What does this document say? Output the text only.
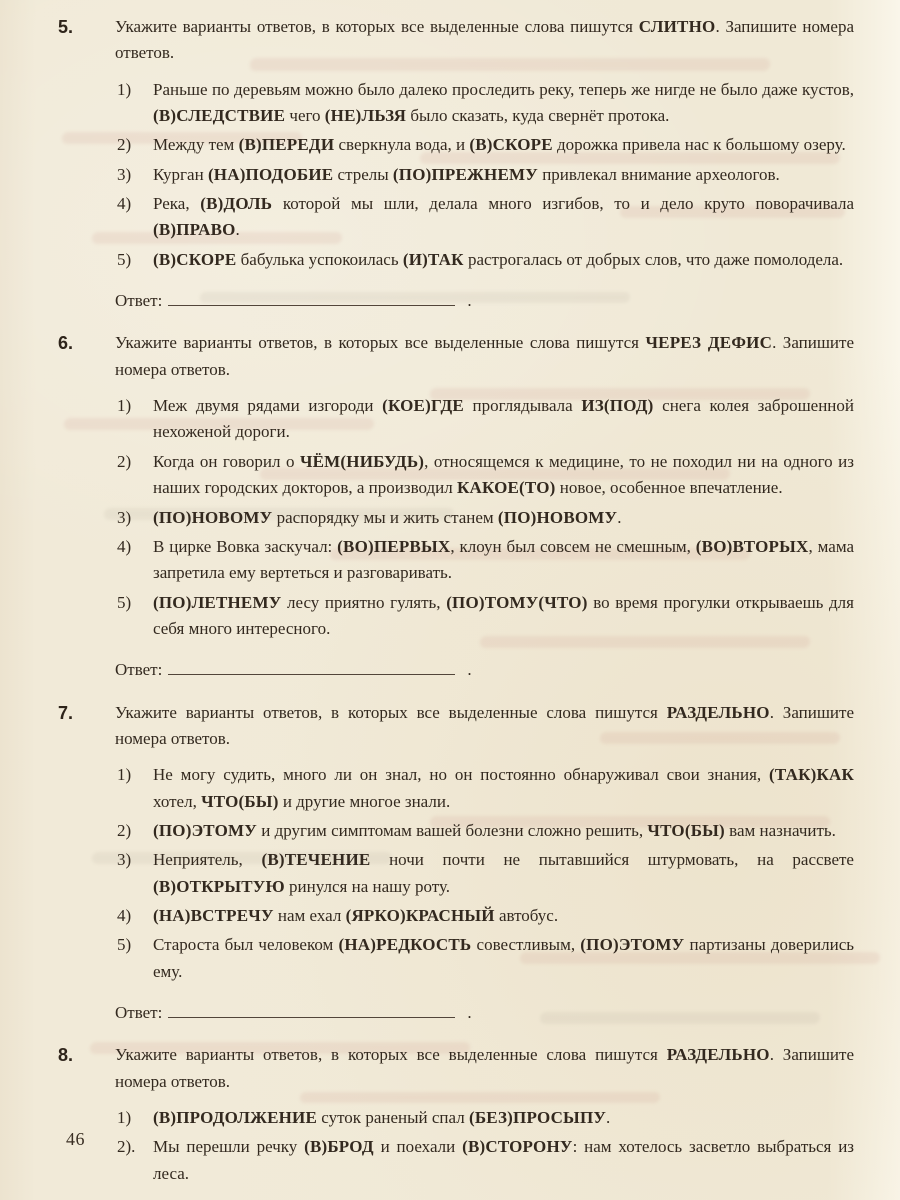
5.	Укажите варианты ответов, в которых все выделенные слова пишутся СЛИТНО. Запишите номера ответов.

1)	Раньше по деревьям можно было далеко проследить реку, теперь же нигде не было даже кустов, (В)СЛЕДСТВИЕ чего (НЕ)ЛЬЗЯ было сказать, куда свернёт протока.
2)	Между тем (В)ПЕРЕДИ сверкнула вода, и (В)СКОРЕ дорожка привела нас к большому озеру.
3)	Курган (НА)ПОДОБИЕ стрелы (ПО)ПРЕЖНЕМУ привлекал внимание археологов.
4)	Река, (В)ДОЛЬ которой мы шли, делала много изгибов, то и дело круто поворачивала (В)ПРАВО.
5)	(В)СКОРЕ бабулька успокоилась (И)ТАК растрогалась от добрых слов, что даже помолодела.
Ответ:	.
6.	Укажите варианты ответов, в которых все выделенные слова пишутся ЧЕРЕЗ ДЕФИС. Запишите номера ответов.

1)	Меж двумя рядами изгороди (КОЕ)ГДЕ проглядывала ИЗ(ПОД) снега колея заброшенной нехоженой дороги.
2)	Когда он говорил о ЧЁМ(НИБУДЬ), относящемся к медицине, то не походил ни на одного из наших городских докторов, а производил КАКОЕ(ТО) новое, особенное впечатление.
3)	(ПО)НОВОМУ распорядку мы и жить станем (ПО)НОВОМУ.
4)	В цирке Вовка заскучал: (ВО)ПЕРВЫХ, клоун был совсем не смешным, (ВО)ВТОРЫХ, мама запретила ему вертеться и разговаривать.
5)	(ПО)ЛЕТНЕМУ лесу приятно гулять, (ПО)ТОМУ(ЧТО) во время прогулки открываешь для себя много интересного.
Ответ:	.
7.	Укажите варианты ответов, в которых все выделенные слова пишутся РАЗДЕЛЬНО. Запишите номера ответов.

1)	Не могу судить, много ли он знал, но он постоянно обнаруживал свои знания, (ТАК)КАК хотел, ЧТО(БЫ) и другие многое знали.
2)	(ПО)ЭТОМУ и другим симптомам вашей болезни сложно решить, ЧТО(БЫ) вам назначить.
3)	Неприятель, (В)ТЕЧЕНИЕ ночи почти не пытавшийся штурмовать, на рассвете (В)ОТКРЫТУЮ ринулся на нашу роту.
4)	(НА)ВСТРЕЧУ нам ехал (ЯРКО)КРАСНЫЙ автобус.
5)	Староста был человеком (НА)РЕДКОСТЬ совестливым, (ПО)ЭТОМУ партизаны доверились ему.
Ответ:	.
8.	Укажите варианты ответов, в которых все выделенные слова пишутся РАЗДЕЛЬНО. Запишите номера ответов.

1)	(В)ПРОДОЛЖЕНИЕ суток раненый спал (БЕЗ)ПРОСЫПУ.
2).	Мы перешли речку (В)БРОД и поехали (В)СТОРОНУ: нам хотелось засветло выбраться из леса.
46
